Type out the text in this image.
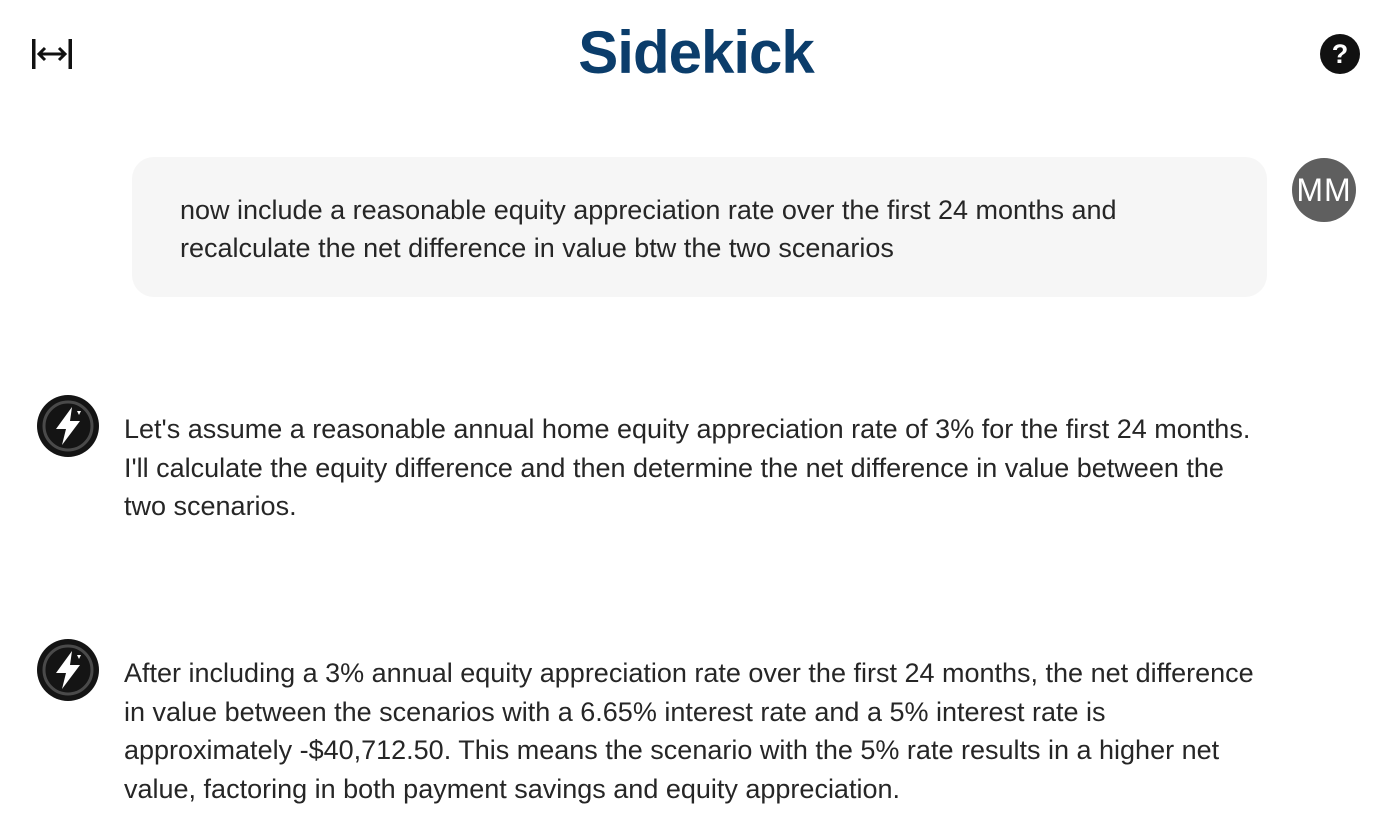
Sidekick	?

now include a reasonable equity appreciation rate over the first 24 months and recalculate the net difference in value btw the two scenarios

MM

Let's assume a reasonable annual home equity appreciation rate of 3% for the first 24 months. I'll calculate the equity difference and then determine the net difference in value between the two scenarios.

After including a 3% annual equity appreciation rate over the first 24 months, the net difference in value between the scenarios with a 6.65% interest rate and a 5% interest rate is approximately -$40,712.50. This means the scenario with the 5% rate results in a higher net value, factoring in both payment savings and equity appreciation.
